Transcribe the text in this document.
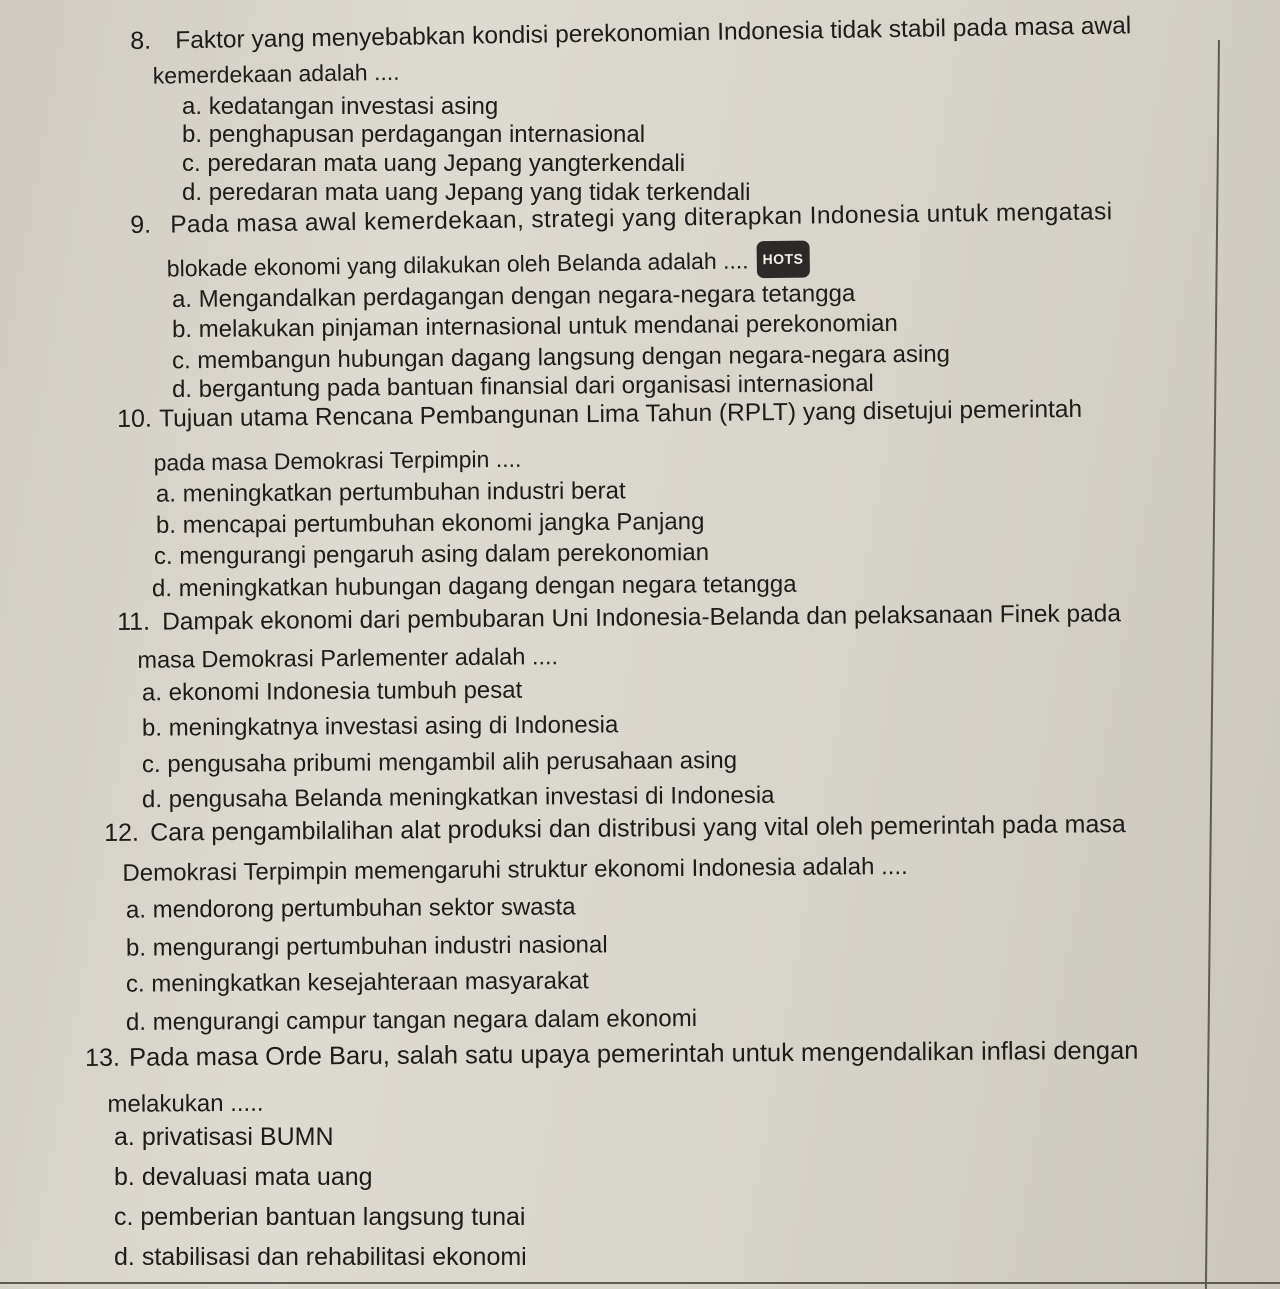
8. Faktor yang menyebabkan kondisi perekonomian Indonesia tidak stabil pada masa awal
kemerdekaan adalah ....
a. kedatangan investasi asing
b. penghapusan perdagangan internasional
c. peredaran mata uang Jepang yangterkendali
d. peredaran mata uang Jepang yang tidak terkendali
9. Pada masa awal kemerdekaan, strategi yang diterapkan Indonesia untuk mengatasi
blokade ekonomi yang dilakukan oleh Belanda adalah .... HOTS
a. Mengandalkan perdagangan dengan negara-negara tetangga
b. melakukan pinjaman internasional untuk mendanai perekonomian
c. membangun hubungan dagang langsung dengan negara-negara asing
d. bergantung pada bantuan finansial dari organisasi internasional
10. Tujuan utama Rencana Pembangunan Lima Tahun (RPLT) yang disetujui pemerintah
pada masa Demokrasi Terpimpin ....
a. meningkatkan pertumbuhan industri berat
b. mencapai pertumbuhan ekonomi jangka Panjang
c. mengurangi pengaruh asing dalam perekonomian
d. meningkatkan hubungan dagang dengan negara tetangga
11. Dampak ekonomi dari pembubaran Uni Indonesia-Belanda dan pelaksanaan Finek pada
masa Demokrasi Parlementer adalah ....
a. ekonomi Indonesia tumbuh pesat
b. meningkatnya investasi asing di Indonesia
c. pengusaha pribumi mengambil alih perusahaan asing
d. pengusaha Belanda meningkatkan investasi di Indonesia
12. Cara pengambilalihan alat produksi dan distribusi yang vital oleh pemerintah pada masa
Demokrasi Terpimpin memengaruhi struktur ekonomi Indonesia adalah ....
a. mendorong pertumbuhan sektor swasta
b. mengurangi pertumbuhan industri nasional
c. meningkatkan kesejahteraan masyarakat
d. mengurangi campur tangan negara dalam ekonomi
13. Pada masa Orde Baru, salah satu upaya pemerintah untuk mengendalikan inflasi dengan
melakukan .....
a. privatisasi BUMN
b. devaluasi mata uang
c. pemberian bantuan langsung tunai
d. stabilisasi dan rehabilitasi ekonomi
